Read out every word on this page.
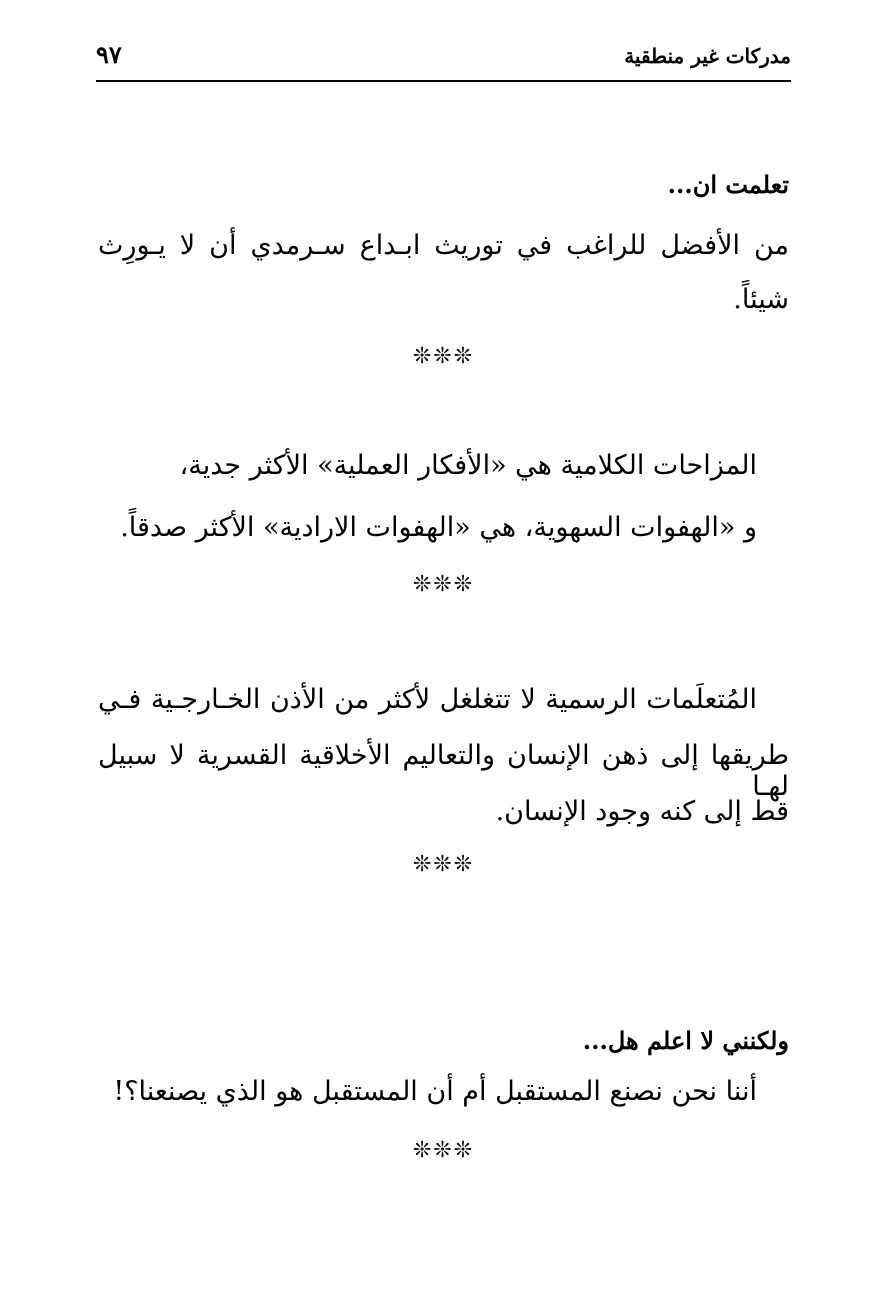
مدركات غير منطقية
٩٧
تعلمت ان...
من الأفضل للراغب في توريث ابـداع سـرمدي أن لا يـورِث
شيئاً.
❊❊❊
المزاحات الكلامية هي «الأفكار العملية» الأكثر جدية،
و «الهفوات السهوية، هي «الهفوات الارادية» الأكثر صدقاً.
❊❊❊
المُتعلَمات الرسمية لا تتغلغل لأكثر من الأذن الخـارجـية فـي
طريقها إلى ذهن الإنسان والتعاليم الأخلاقية القسرية لا سبيل لهـا
قط إلى كنه وجود الإنسان.
❊❊❊
ولكنني لا اعلم هل...
أننا نحن نصنع المستقبل أم أن المستقبل هو الذي يصنعنا؟!
❊❊❊
